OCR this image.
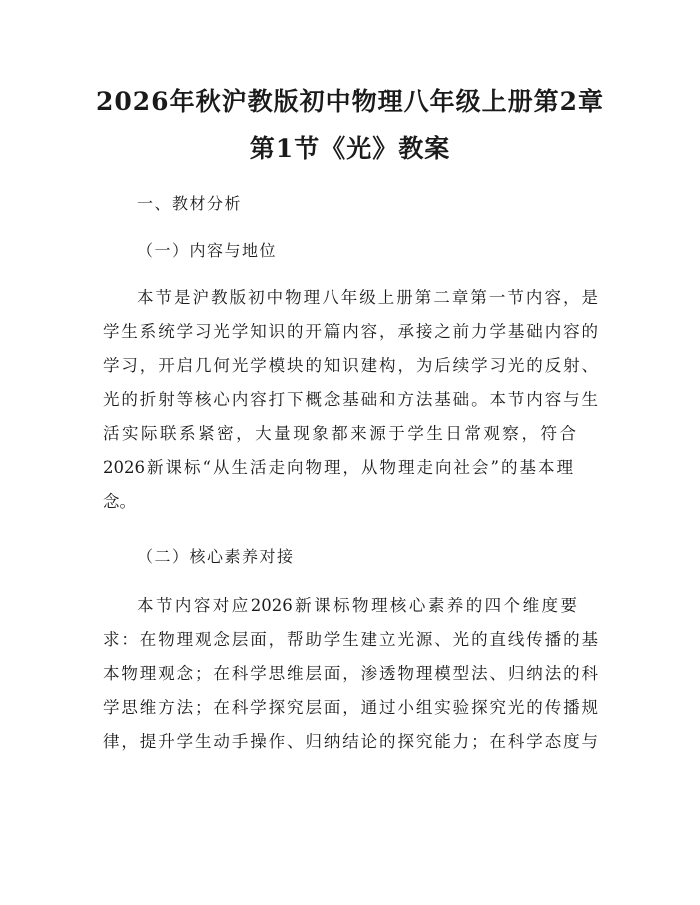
2026年秋沪教版初中物理八年级上册第2章
第1节《光》教案
一、教材分析
（一）内容与地位
本节是沪教版初中物理八年级上册第二章第一节内容，是
学生系统学习光学知识的开篇内容，承接之前力学基础内容的
学习，开启几何光学模块的知识建构，为后续学习光的反射、
光的折射等核心内容打下概念基础和方法基础。本节内容与生
活实际联系紧密，大量现象都来源于学生日常观察，符合
2026新课标“从生活走向物理，从物理走向社会”的基本理
念。
（二）核心素养对接
本节内容对应2026新课标物理核心素养的四个维度要
求：在物理观念层面，帮助学生建立光源、光的直线传播的基
本物理观念；在科学思维层面，渗透物理模型法、归纳法的科
学思维方法；在科学探究层面，通过小组实验探究光的传播规
律，提升学生动手操作、归纳结论的探究能力；在科学态度与
